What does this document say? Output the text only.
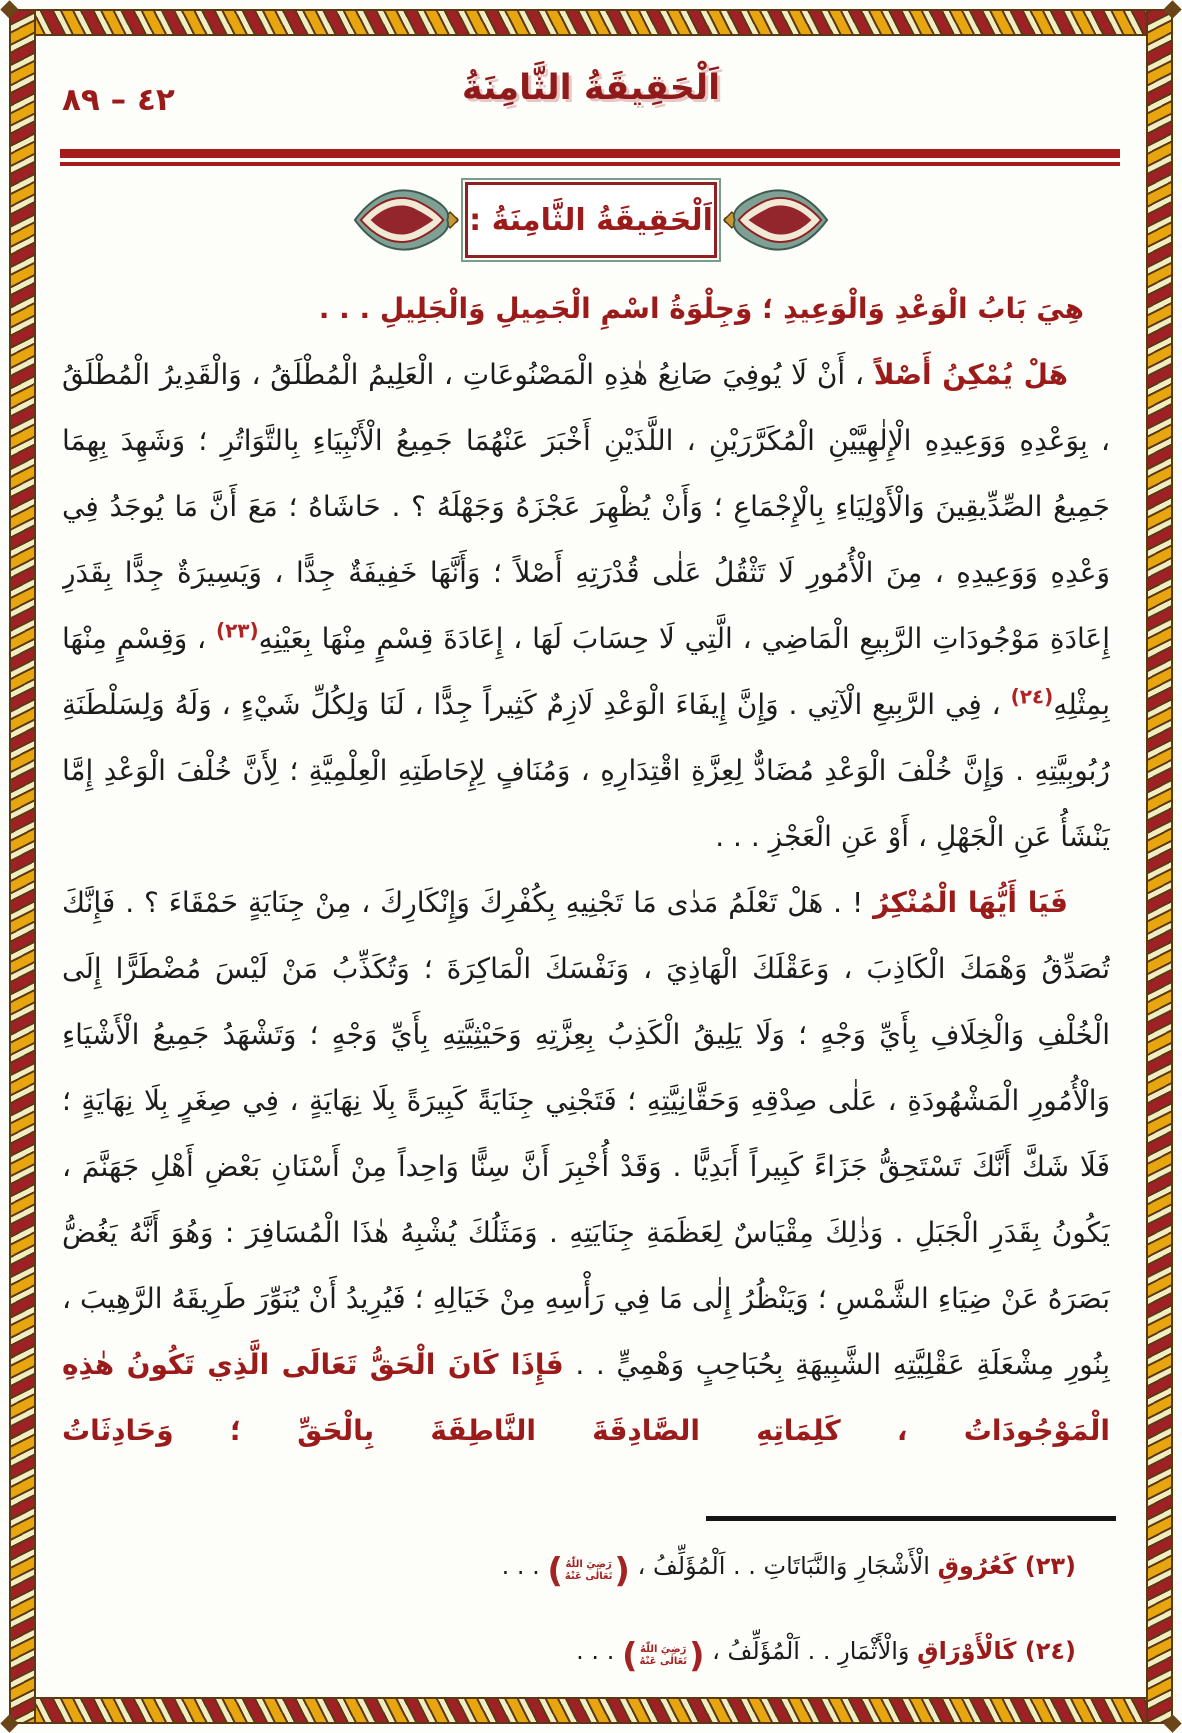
٤٢ – ٨٩	اَلْحَقِيقَةُ الثَّامِنَةُ
اَلْحَقِيقَةُ الثَّامِنَةُ :

هِيَ بَابُ الْوَعْدِ وَالْوَعِيدِ ؛ وَجِلْوَةُ اسْمِ الْجَمِيلِ وَالْجَلِيلِ . . .

هَلْ يُمْكِنُ أَصْلاً ، أَنْ لَا يُوفِيَ صَانِعُ هٰذِهِ الْمَصْنُوعَاتِ ، الْعَلِيمُ الْمُطْلَقُ ، وَالْقَدِيرُ الْمُطْلَقُ ، بِوَعْدِهِ وَوَعِيدِهِ الْإِلٰهِيَّيْنِ الْمُكَرَّرَيْنِ ، اللَّذَيْنِ أَخْبَرَ عَنْهُمَا جَمِيعُ الْأَنْبِيَاءِ بِالتَّوَاتُرِ ؛ وَشَهِدَ بِهِمَا جَمِيعُ الصِّدِّيقِينَ وَالْأَوْلِيَاءِ بِالْإِجْمَاعِ ؛ وَأَنْ يُظْهِرَ عَجْزَهُ وَجَهْلَهُ ؟ . حَاشَاهُ ؛ مَعَ أَنَّ مَا يُوجَدُ فِي وَعْدِهِ وَوَعِيدِهِ ، مِنَ الْأُمُورِ لَا تَثْقُلُ عَلٰى قُدْرَتِهِ أَصْلاً ؛ وَأَنَّهَا خَفِيفَةٌ جِدًّا ، وَيَسِيرَةٌ جِدًّا بِقَدَرِ إِعَادَةِ مَوْجُودَاتِ الرَّبِيعِ الْمَاضِي ، الَّتِي لَا حِسَابَ لَهَا ، إِعَادَةَ قِسْمٍ مِنْهَا بِعَيْنِهِ$^{(٢٣)}$ ، وَقِسْمٍ مِنْهَا بِمِثْلِهِ$^{(٢٤)}$ ، فِي الرَّبِيعِ الْآتِي . وَإِنَّ إِيفَاءَ الْوَعْدِ لَازِمٌ كَثِيراً جِدًّا ، لَنَا وَلِكُلِّ شَيْءٍ ، وَلَهُ وَلِسَلْطَنَةِ رُبُوبِيَّتِهِ . وَإِنَّ خُلْفَ الْوَعْدِ مُضَادٌّ لِعِزَّةِ اقْتِدَارِهِ ، وَمُنَافٍ لِإِحَاطَتِهِ الْعِلْمِيَّةِ ؛ لِأَنَّ خُلْفَ الْوَعْدِ إِمَّا يَنْشَأُ عَنِ الْجَهْلِ ، أَوْ عَنِ الْعَجْزِ . . .

فَيَا أَيُّهَا الْمُنْكِرُ ! . هَلْ تَعْلَمُ مَدٰى مَا تَجْنِيهِ بِكُفْرِكَ وَإِنْكَارِكَ ، مِنْ جِنَايَةٍ حَمْقَاءَ ؟ . فَإِنَّكَ تُصَدِّقُ وَهْمَكَ الْكَاذِبَ ، وَعَقْلَكَ الْهَاذِيَ ، وَنَفْسَكَ الْمَاكِرَةَ ؛ وَتُكَذِّبُ مَنْ لَيْسَ مُضْطَرًّا إِلَى الْخُلْفِ وَالْخِلَافِ بِأَيِّ وَجْهٍ ؛ وَلَا يَلِيقُ الْكَذِبُ بِعِزَّتِهِ وَحَيْثِيَّتِهِ بِأَيِّ وَجْهٍ ؛ وَتَشْهَدُ جَمِيعُ الْأَشْيَاءِ وَالْأُمُورِ الْمَشْهُودَةِ ، عَلٰى صِدْقِهِ وَحَقَّانِيَّتِهِ ؛ فَتَجْنِي جِنَايَةً كَبِيرَةً بِلَا نِهَايَةٍ ، فِي صِغَرٍ بِلَا نِهَايَةٍ ؛ فَلَا شَكَّ أَنَّكَ تَسْتَحِقُّ جَزَاءً كَبِيراً أَبَدِيًّا . وَقَدْ أُخْبِرَ أَنَّ سِنًّا وَاحِداً مِنْ أَسْنَانِ بَعْضِ أَهْلِ جَهَنَّمَ ، يَكُونُ بِقَدَرِ الْجَبَلِ . وَذٰلِكَ مِقْيَاسٌ لِعَظَمَةِ جِنَايَتِهِ . وَمَثَلُكَ يُشْبِهُ هٰذَا الْمُسَافِرَ : وَهُوَ أَنَّهُ يَغُضُّ بَصَرَهُ عَنْ ضِيَاءِ الشَّمْسِ ؛ وَيَنْظُرُ إِلٰى مَا فِي رَأْسِهِ مِنْ خَيَالِهِ ؛ فَيُرِيدُ أَنْ يُنَوِّرَ طَرِيقَهُ الرَّهِيبَ ، بِنُورِ مِشْعَلَةِ عَقْلِيَّتِهِ الشَّبِيهَةِ بِحُبَاحِبٍ وَهْمِيٍّ . . فَإِذَا كَانَ الْحَقُّ تَعَالَى الَّذِي تَكُونُ هٰذِهِ الْمَوْجُودَاتُ ، كَلِمَاتِهِ الصَّادِقَةَ النَّاطِقَةَ بِالْحَقِّ ؛ وَحَادِثَاتُ

(٢٣) كَعُرُوقِ الْأَشْجَارِ وَالنَّبَاتَاتِ . . اَلْمُؤَلِّفُ ،
( رَضِيَ اللّٰهُ
تَعَالٰى عَنْهُ )
. . .
(٢٤) كَالْأَوْرَاقِ وَالْأَثْمَارِ . . اَلْمُؤَلِّفُ ،
( رَضِيَ اللّٰهُ
تَعَالٰى عَنْهُ )
. . .
